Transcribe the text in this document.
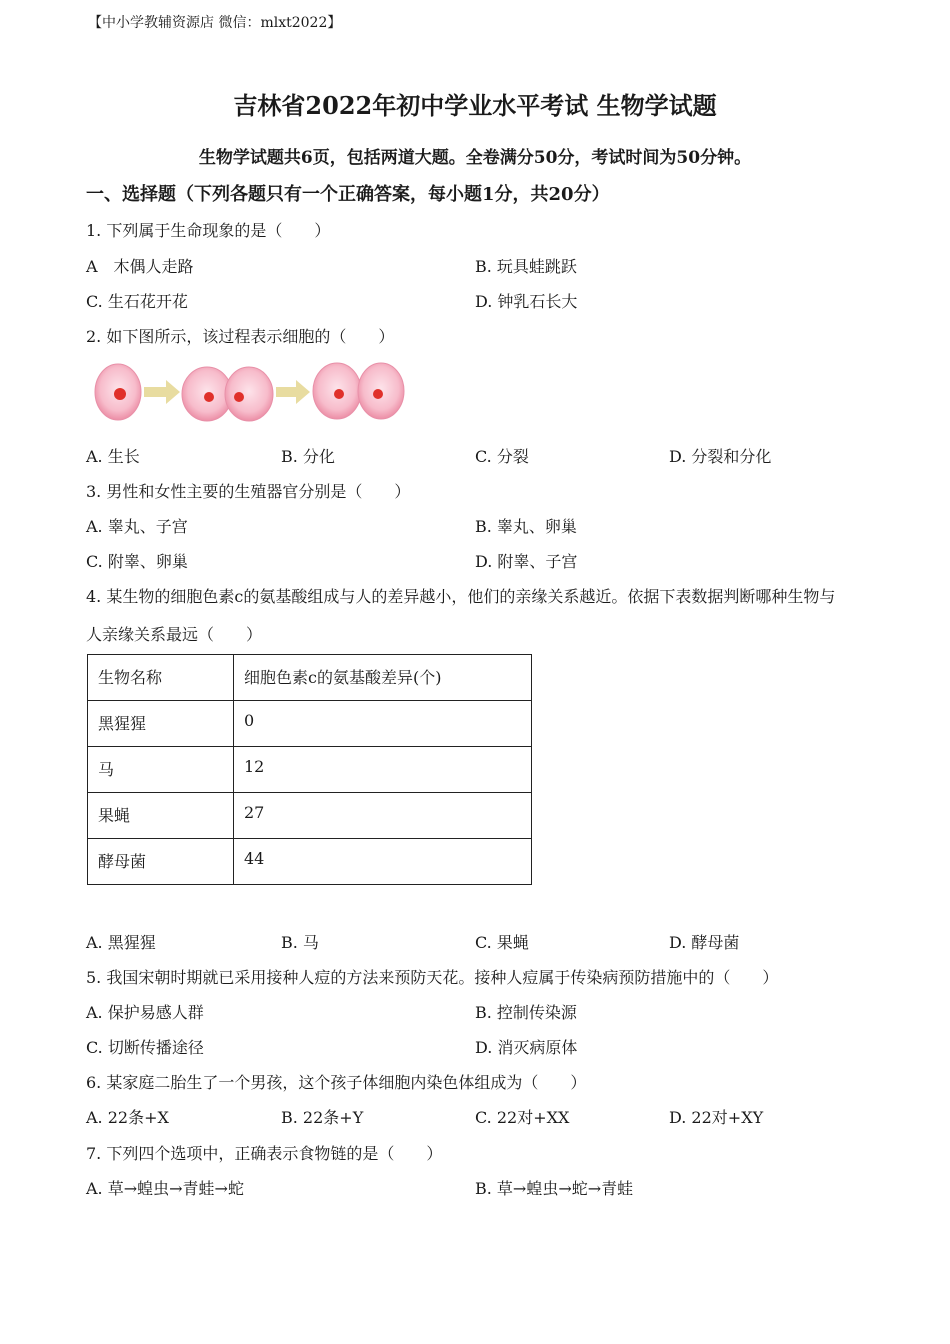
【中小学教辅资源店 微信：mlxt2022】
吉林省2022年初中学业水平考试 生物学试题
生物学试题共6页，包括两道大题。全卷满分50分，考试时间为50分钟。
一、选择题（下列各题只有一个正确答案，每小题1分，共20分）
1. 下列属于生命现象的是（　　）
A　木偶人走路	B. 玩具蛙跳跃
C. 生石花开花	D. 钟乳石长大
2. 如下图所示，该过程表示细胞的（　　）
A. 生长	B. 分化	C. 分裂	D. 分裂和分化
3. 男性和女性主要的生殖器官分别是（　　）
A. 睾丸、子宫	B. 睾丸、卵巢
C. 附睾、卵巢	D. 附睾、子宫
4. 某生物的细胞色素c的氨基酸组成与人的差异越小，他们的亲缘关系越近。依据下表数据判断哪种生物与
人亲缘关系最远（　　）
生物名称	细胞色素c的氨基酸差异(个)
黑猩猩	0
马	12
果蝇	27
酵母菌	44
A. 黑猩猩	B. 马	C. 果蝇	D. 酵母菌
5. 我国宋朝时期就已采用接种人痘的方法来预防天花。接种人痘属于传染病预防措施中的（　　）
A. 保护易感人群	B. 控制传染源
C. 切断传播途径	D. 消灭病原体
6. 某家庭二胎生了一个男孩，这个孩子体细胞内染色体组成为（　　）
A. 22条+X	B. 22条+Y	C. 22对+XX	D. 22对+XY
7. 下列四个选项中，正确表示食物链的是（　　）
A. 草→蝗虫→青蛙→蛇	B. 草→蝗虫→蛇→青蛙
